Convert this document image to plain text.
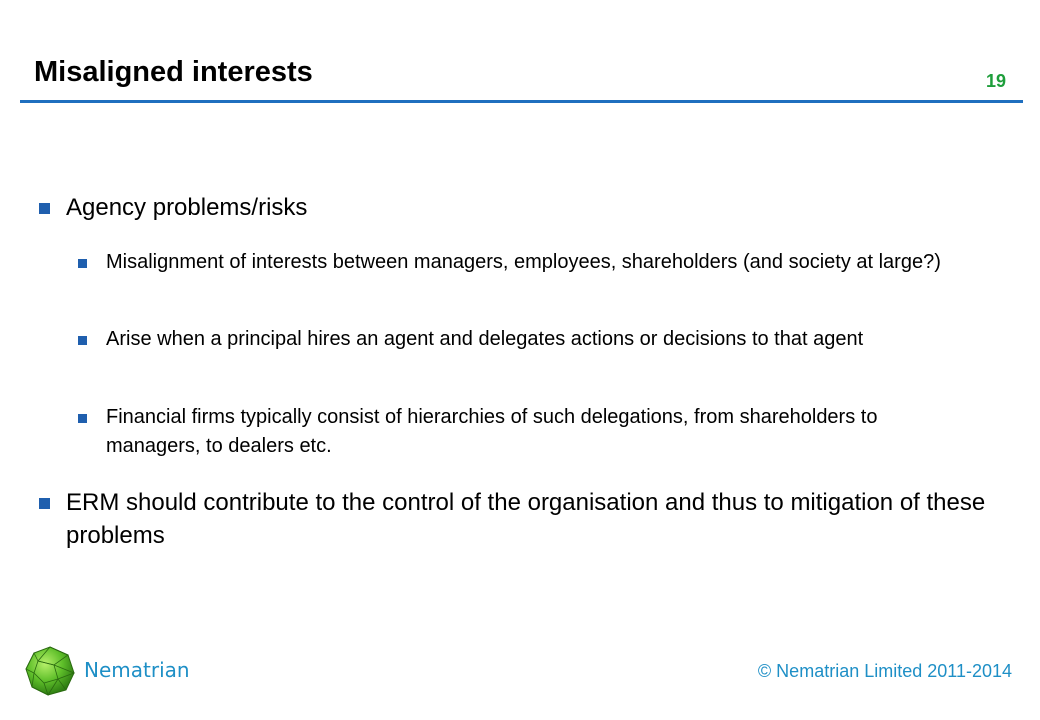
Misaligned interests	19
Agency problems/risks
Misalignment of interests between managers, employees, shareholders (and society at large?)
Arise when a principal hires an agent and delegates actions or decisions to that agent
Financial firms typically consist of hierarchies of such delegations, from shareholders to managers, to dealers etc.
ERM should contribute to the control of the organisation and thus to mitigation of these problems
Nematrian	© Nematrian Limited 2011-2014
